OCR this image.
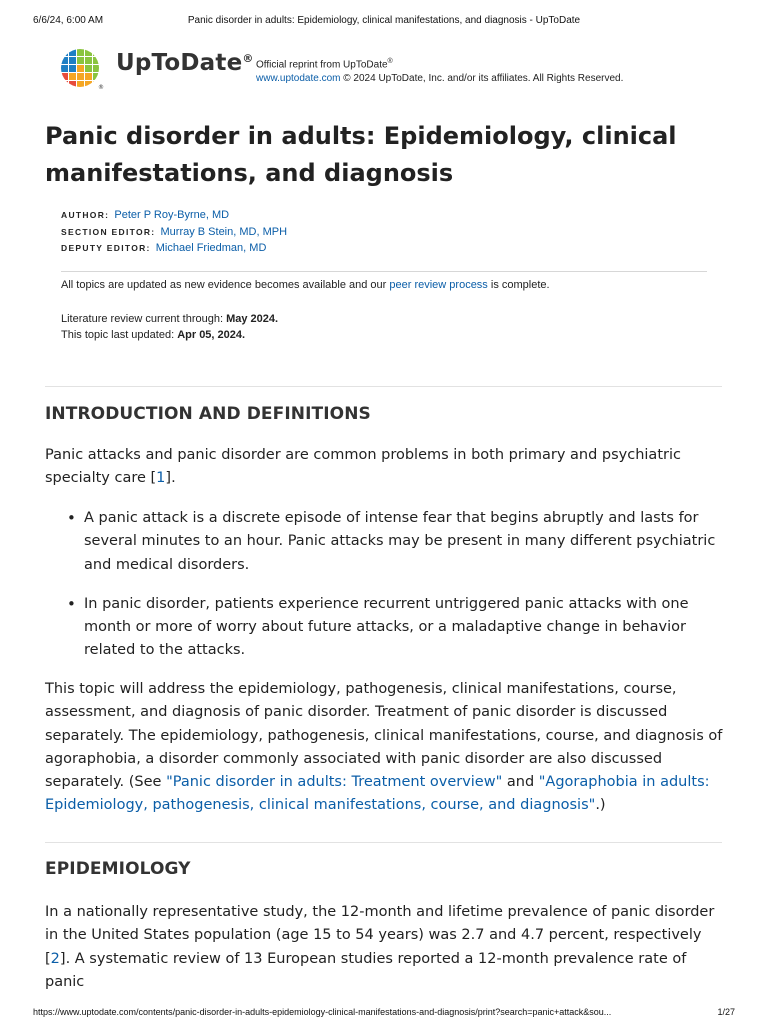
6/6/24, 6:00 AM	Panic disorder in adults: Epidemiology, clinical manifestations, and diagnosis - UpToDate
®
UpToDate® Official reprint from UpToDate®
www.uptodate.com © 2024 UpToDate, Inc. and/or its affiliates. All Rights Reserved.
Panic disorder in adults: Epidemiology, clinical manifestations, and diagnosis
AUTHOR: Peter P Roy-Byrne, MD
SECTION EDITOR: Murray B Stein, MD, MPH
DEPUTY EDITOR: Michael Friedman, MD
All topics are updated as new evidence becomes available and our peer review process is complete.
Literature review current through: May 2024.
This topic last updated: Apr 05, 2024.
INTRODUCTION AND DEFINITIONS

Panic attacks and panic disorder are common problems in both primary and psychiatric specialty care [1].

• A panic attack is a discrete episode of intense fear that begins abruptly and lasts for several minutes to an hour. Panic attacks may be present in many different psychiatric and medical disorders.
• In panic disorder, patients experience recurrent untriggered panic attacks with one month or more of worry about future attacks, or a maladaptive change in behavior related to the attacks.

This topic will address the epidemiology, pathogenesis, clinical manifestations, course, assessment, and diagnosis of panic disorder. Treatment of panic disorder is discussed separately. The epidemiology, pathogenesis, clinical manifestations, course, and diagnosis of agoraphobia, a disorder commonly associated with panic disorder are also discussed separately. (See "Panic disorder in adults: Treatment overview" and "Agoraphobia in adults: Epidemiology, pathogenesis, clinical manifestations, course, and diagnosis".)

EPIDEMIOLOGY

In a nationally representative study, the 12-month and lifetime prevalence of panic disorder in the United States population (age 15 to 54 years) was 2.7 and 4.7 percent, respectively [2]. A systematic review of 13 European studies reported a 12-month prevalence rate of panic

https://www.uptodate.com/contents/panic-disorder-in-adults-epidemiology-clinical-manifestations-and-diagnosis/print?search=panic+attack&sou...	1/27
